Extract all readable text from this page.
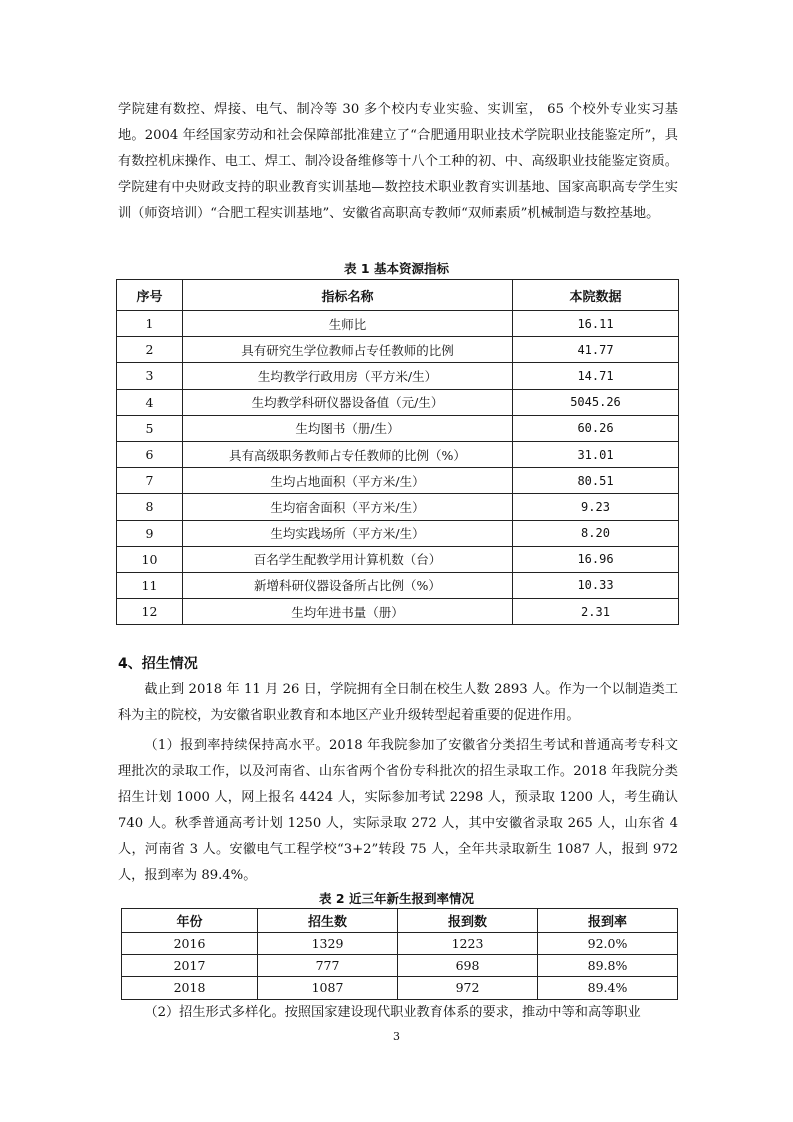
学院建有数控、焊接、电气、制冷等 30 多个校内专业实验、实训室， 65 个校外专业实习基地。2004 年经国家劳动和社会保障部批准建立了“合肥通用职业技术学院职业技能鉴定所”，具有数控机床操作、电工、焊工、制冷设备维修等十八个工种的初、中、高级职业技能鉴定资质。学院建有中央财政支持的职业教育实训基地—数控技术职业教育实训基地、国家高职高专学生实训（师资培训）“合肥工程实训基地”、安徽省高职高专教师“双师素质”机械制造与数控基地。

表 1 基本资源指标
序号	指标名称	本院数据
1	生师比	16.11
2	具有研究生学位教师占专任教师的比例	41.77
3	生均教学行政用房（平方米/生）	14.71
4	生均教学科研仪器设备值（元/生）	5045.26
5	生均图书（册/生）	60.26
6	具有高级职务教师占专任教师的比例（%）	31.01
7	生均占地面积（平方米/生）	80.51
8	生均宿舍面积（平方米/生）	9.23
9	生均实践场所（平方米/生）	8.20
10	百名学生配教学用计算机数（台）	16.96
11	新增科研仪器设备所占比例（%）	10.33
12	生均年进书量（册）	2.31
4、招生情况

截止到 2018 年 11 月 26 日，学院拥有全日制在校生人数 2893 人。作为一个以制造类工科为主的院校，为安徽省职业教育和本地区产业升级转型起着重要的促进作用。

（1）报到率持续保持高水平。2018 年我院参加了安徽省分类招生考试和普通高考专科文理批次的录取工作，以及河南省、山东省两个省份专科批次的招生录取工作。2018 年我院分类招生计划 1000 人，网上报名 4424 人，实际参加考试 2298 人，预录取 1200 人，考生确认 740 人。秋季普通高考计划 1250 人，实际录取 272 人，其中安徽省录取 265 人，山东省 4 人，河南省 3 人。安徽电气工程学校“3+2”转段 75 人，全年共录取新生 1087 人，报到 972 人，报到率为 89.4%。

表 2 近三年新生报到率情况
年份	招生数	报到数	报到率
2016	1329	1223	92.0%
2017	777	698	89.8%
2018	1087	972	89.4%

（2）招生形式多样化。按照国家建设现代职业教育体系的要求，推动中等和高等职业

3
